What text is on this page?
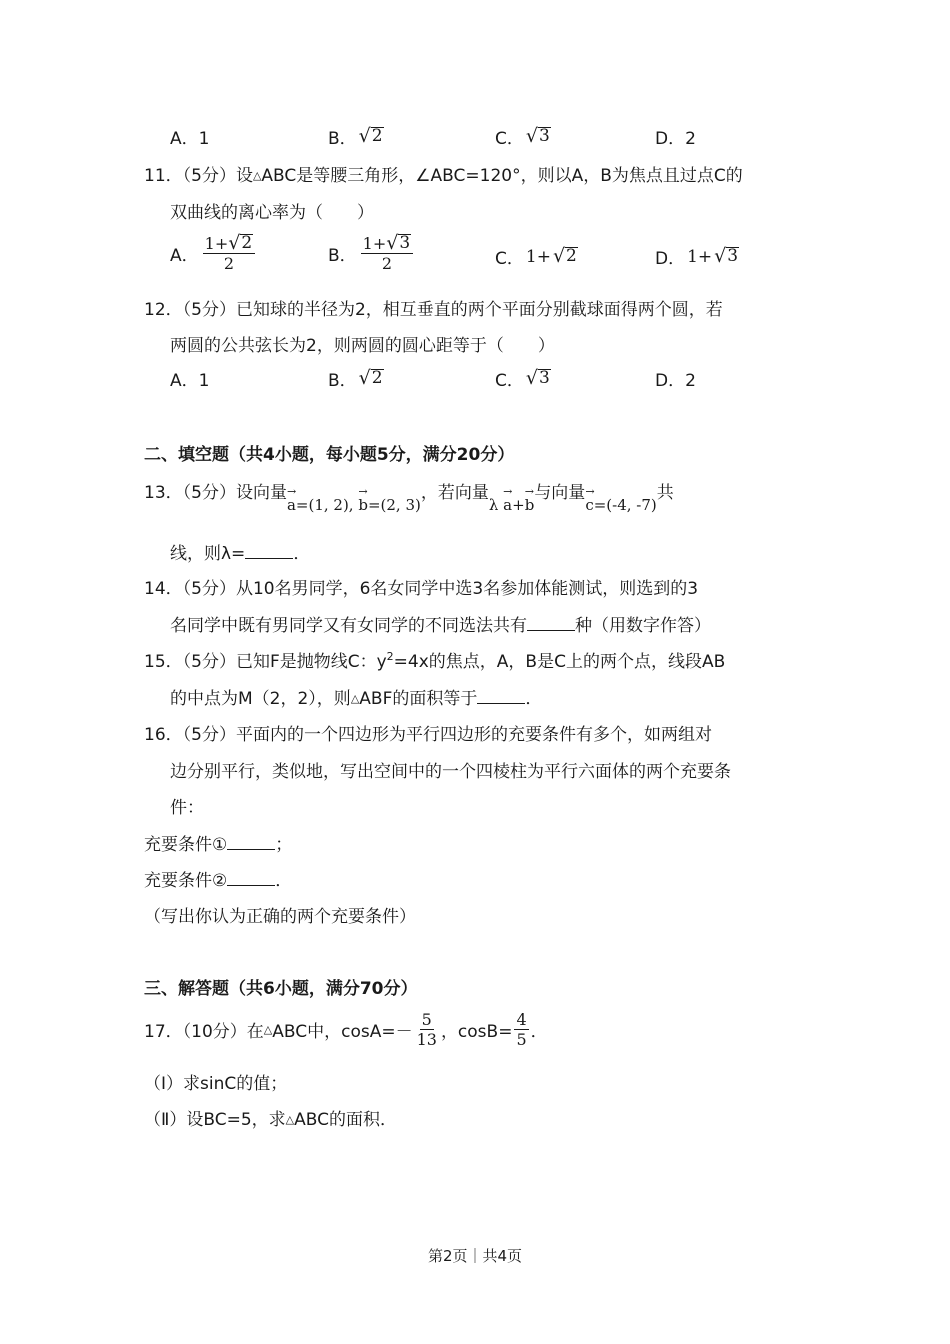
A．1	B． √ 2	C． √ 3	D．2
11．（5分）设△ABC是等腰三角形，∠ABC=120°，则以A，B为焦点且过点C的
双曲线的离心率为（　　）
A． $\frac{1+ √ 2}{2}$	B． $\frac{1+ √ 3}{2}$	C． 1+ √ 2	D． 1+ √ 3
12．（5分）已知球的半径为2，相互垂直的两个平面分别截球面得两个圆，若
两圆的公共弦长为2，则两圆的圆心距等于（　　）
A．1	B． √ 2	C． √ 3	D．2
二、填空题（共4小题，每小题5分，满分20分）
13．（5分）设向量→ a=(1, 2), → b=(2, 3)，若向量λ → a+→ b与向量→ c=(-4, -7)共
线，则λ=	．
14．（5分）从10名男同学，6名女同学中选3名参加体能测试，则选到的3
名同学中既有男同学又有女同学的不同选法共有	种（用数字作答）
15．（5分）已知F是抛物线C：$y^2=4x$的焦点，A，B是C上的两个点，线段AB
的中点为M（2，2），则△ABF的面积等于	．
16．（5分）平面内的一个四边形为平行四边形的充要条件有多个，如两组对
边分别平行，类似地，写出空间中的一个四棱柱为平行六面体的两个充要条
件：
充要条件①	；
充要条件②	．
（写出你认为正确的两个充要条件）
三、解答题（共6小题，满分70分）
17．（10分）在 △ ABC中，$\cos A=- \frac{5}{13}$ ，$\cos B= \frac{4}{5}$ ．
（Ⅰ）求sinC的值；
（Ⅱ）设BC=5，求△ABC的面积．
第2页｜共4页
